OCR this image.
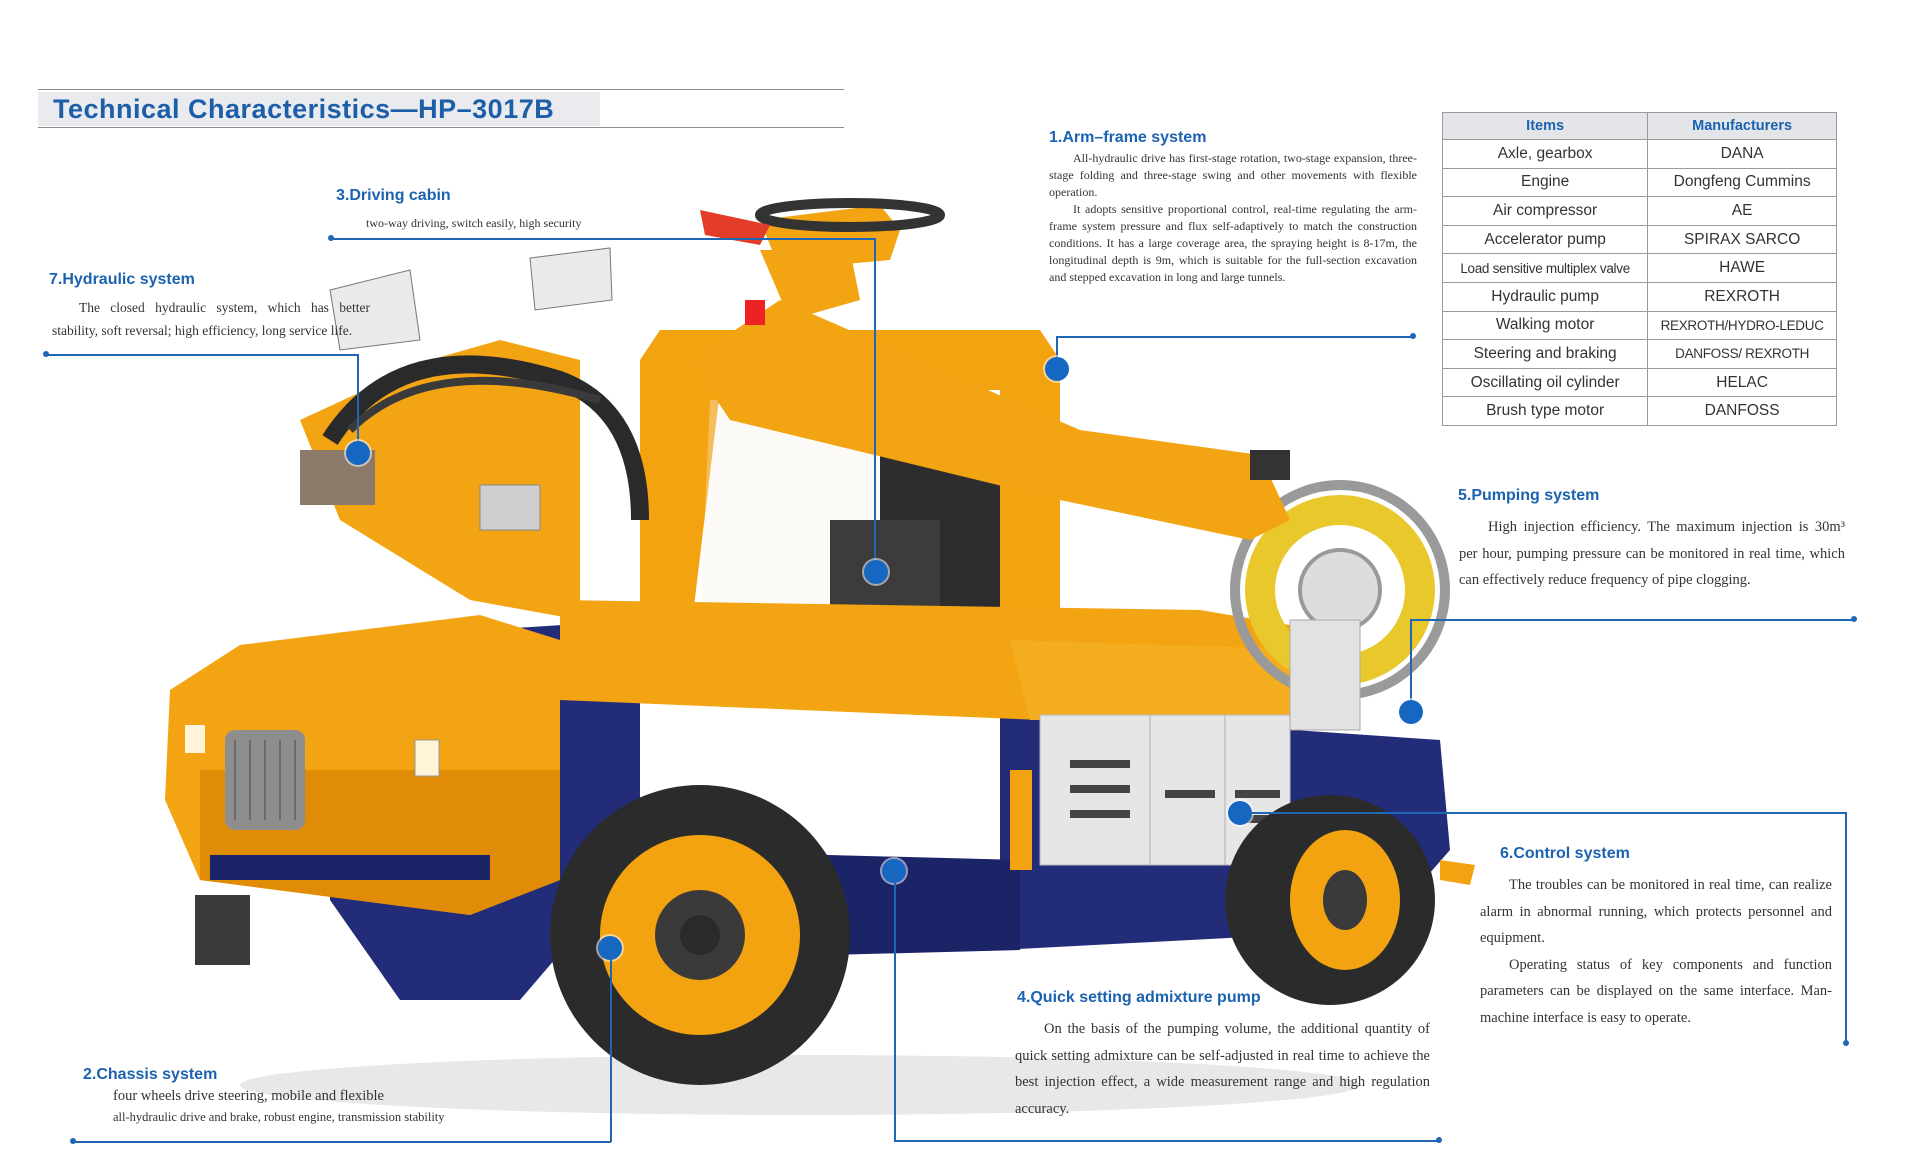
Technical Characteristics—HP–3017B
1.Arm–frame system

All-hydraulic drive has first-stage rotation, two-stage expansion, three-stage folding and three-stage swing and other movements with flexible operation.

It adopts sensitive proportional control, real-time regulating the arm-frame system pressure and flux self-adaptively to match the construction conditions. It has a large coverage area, the spraying height is 8-17m, the longitudinal depth is 9m, which is suitable for the full-section excavation and stepped excavation in long and large tunnels.

3.Driving cabin
two-way driving, switch easily, high security
7.Hydraulic system

The closed hydraulic system, which has better stability, soft reversal; high efficiency, long service life.

Items	Manufacturers
Axle, gearbox	DANA
Engine	Dongfeng Cummins
Air compressor	AE
Accelerator pump	SPIRAX SARCO
Load sensitive multiplex valve	HAWE
Hydraulic pump	REXROTH
Walking motor	REXROTH/HYDRO-LEDUC
Steering and braking	DANFOSS/ REXROTH
Oscillating oil cylinder	HELAC
Brush type motor	DANFOSS
5.Pumping system

High injection efficiency. The maximum injection is 30m³ per hour, pumping pressure can be monitored in real time, which can effectively reduce frequency of pipe clogging.

6.Control system

The troubles can be monitored in real time, can realize alarm in abnormal running, which protects personnel and equipment.

Operating status of key components and function parameters can be displayed on the same interface. Man-machine interface is easy to operate.

4.Quick setting admixture pump

On the basis of the pumping volume, the additional quantity of quick setting admixture can be self-adjusted in real time to achieve the best injection effect, a wide measurement range and high regulation accuracy.

2.Chassis system
four wheels drive steering, mobile and flexible
all-hydraulic drive and brake, robust engine, transmission stability
